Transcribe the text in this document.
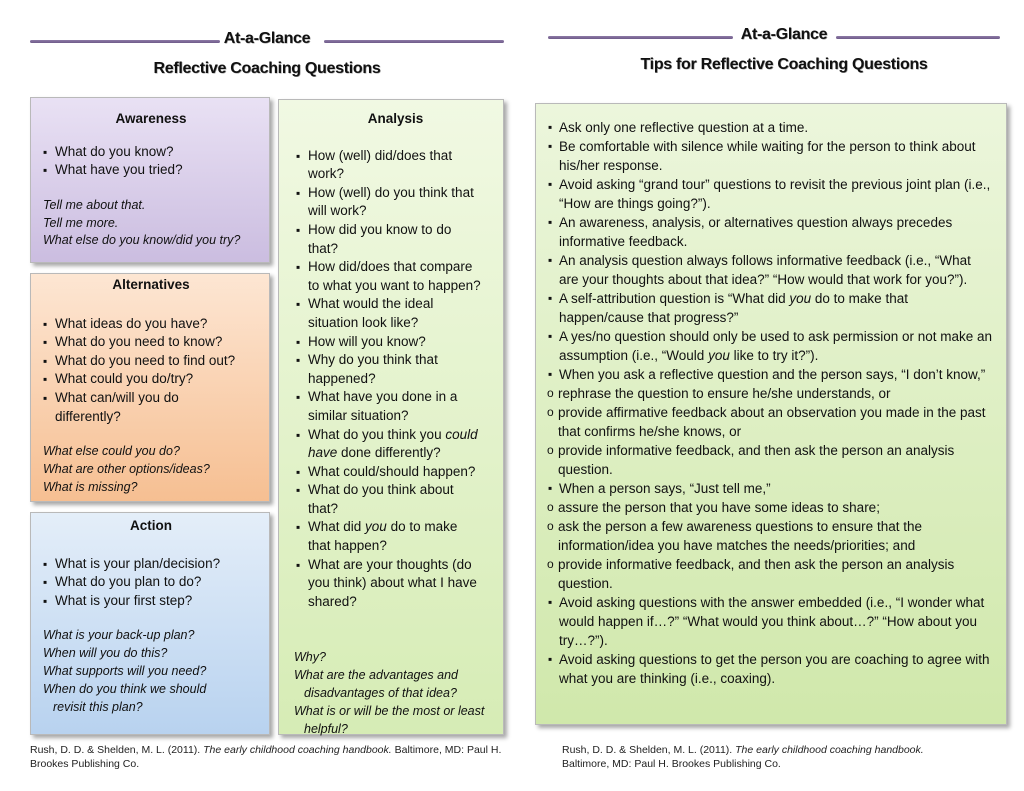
At-a-Glance
Reflective Coaching Questions
At-a-Glance
Tips for Reflective Coaching Questions
Awareness
▪ What do you know?
▪ What have you tried?
Tell me about that.
Tell me more.
What else do you know/did you try?
Alternatives
▪ What ideas do you have?
▪ What do you need to know?
▪ What do you need to find out?
▪ What could you do/try?
▪ What can/will you do differently?
What else could you do?
What are other options/ideas?
What is missing?
Action
▪ What is your plan/decision?
▪ What do you plan to do?
▪ What is your first step?
What is your back-up plan?
When will you do this?
What supports will you need?
When do you think we should revisit this plan?
Analysis
▪ How (well) did/does that work?
▪ How (well) do you think that will work?
▪ How did you know to do that?
▪ How did/does that compare to what you want to happen?
▪ What would the ideal situation look like?
▪ How will you know?
▪ Why do you think that happened?
▪ What have you done in a similar situation?
▪ What do you think you could have done differently?
▪ What could/should happen?
▪ What do you think about that?
▪ What did you do to make that happen?
▪ What are your thoughts (do you think) about what I have shared?
Why?
What are the advantages and disadvantages of that idea?
What is or will be the most or least helpful?
▪ Ask only one reflective question at a time.
▪ Be comfortable with silence while waiting for the person to think about his/her response.
▪ Avoid asking “grand tour” questions to revisit the previous joint plan (i.e., “How are things going?”).
▪ An awareness, analysis, or alternatives question always precedes informative feedback.
▪ An analysis question always follows informative feedback (i.e., “What are your thoughts about that idea?” “How would that work for you?”).
▪ A self-attribution question is “What did you do to make that happen/cause that progress?”
▪ A yes/no question should only be used to ask permission or not make an assumption (i.e., “Would you like to try it?”).
▪ When you ask a reflective question and the person says, “I don’t know,”
o rephrase the question to ensure he/she understands, or
o provide affirmative feedback about an observation you made in the past that confirms he/she knows, or
o provide informative feedback, and then ask the person an analysis question.
▪ When a person says, “Just tell me,”
o assure the person that you have some ideas to share;
o ask the person a few awareness questions to ensure that the information/idea you have matches the needs/priorities; and
o provide informative feedback, and then ask the person an analysis question.
▪ Avoid asking questions with the answer embedded (i.e., “I wonder what would happen if…?” “What would you think about…?” “How about you try…?”).
▪ Avoid asking questions to get the person you are coaching to agree with what you are thinking (i.e., coaxing).
Rush, D. D. & Shelden, M. L. (2011). The early childhood coaching handbook. Baltimore, MD: Paul H. Brookes Publishing Co.
Rush, D. D. & Shelden, M. L. (2011). The early childhood coaching handbook. Baltimore, MD: Paul H. Brookes Publishing Co.
